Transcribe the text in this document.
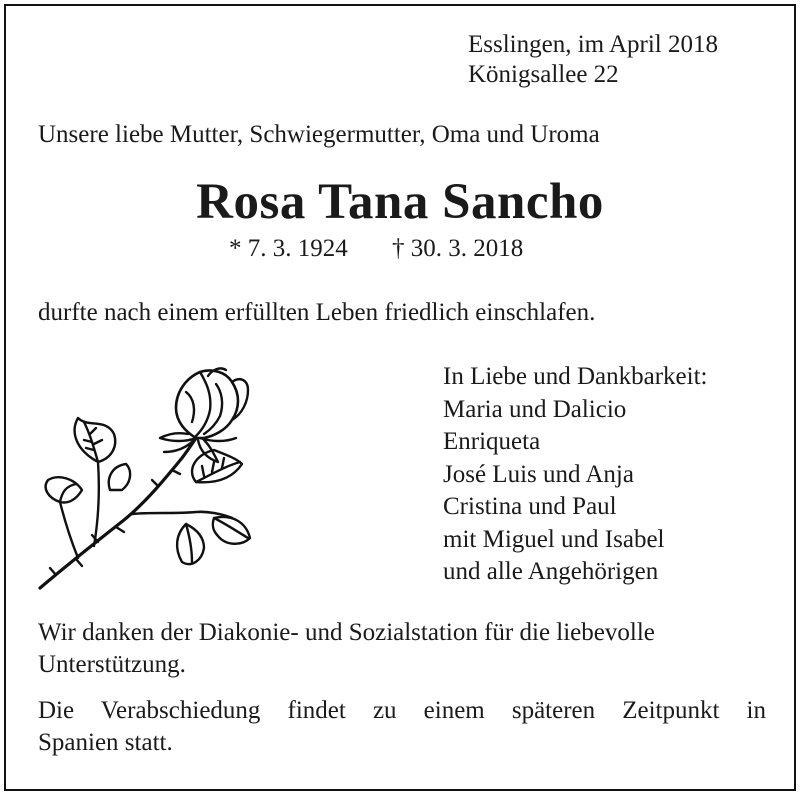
Esslingen, im April 2018
Königsallee 22
Unsere liebe Mutter, Schwiegermutter, Oma und Uroma
Rosa Tana Sancho
* 7. 3. 1924 † 30. 3. 2018
durfte nach einem erfüllten Leben friedlich einschlafen.
In Liebe und Dankbarkeit:
Maria und Dalicio
Enriqueta
José Luis und Anja
Cristina und Paul
mit Miguel und Isabel
und alle Angehörigen
Wir danken der Diakonie- und Sozialstation für die liebevolle
Unterstützung.
Die Verabschiedung findet zu einem späteren Zeitpunkt in
Spanien statt.
